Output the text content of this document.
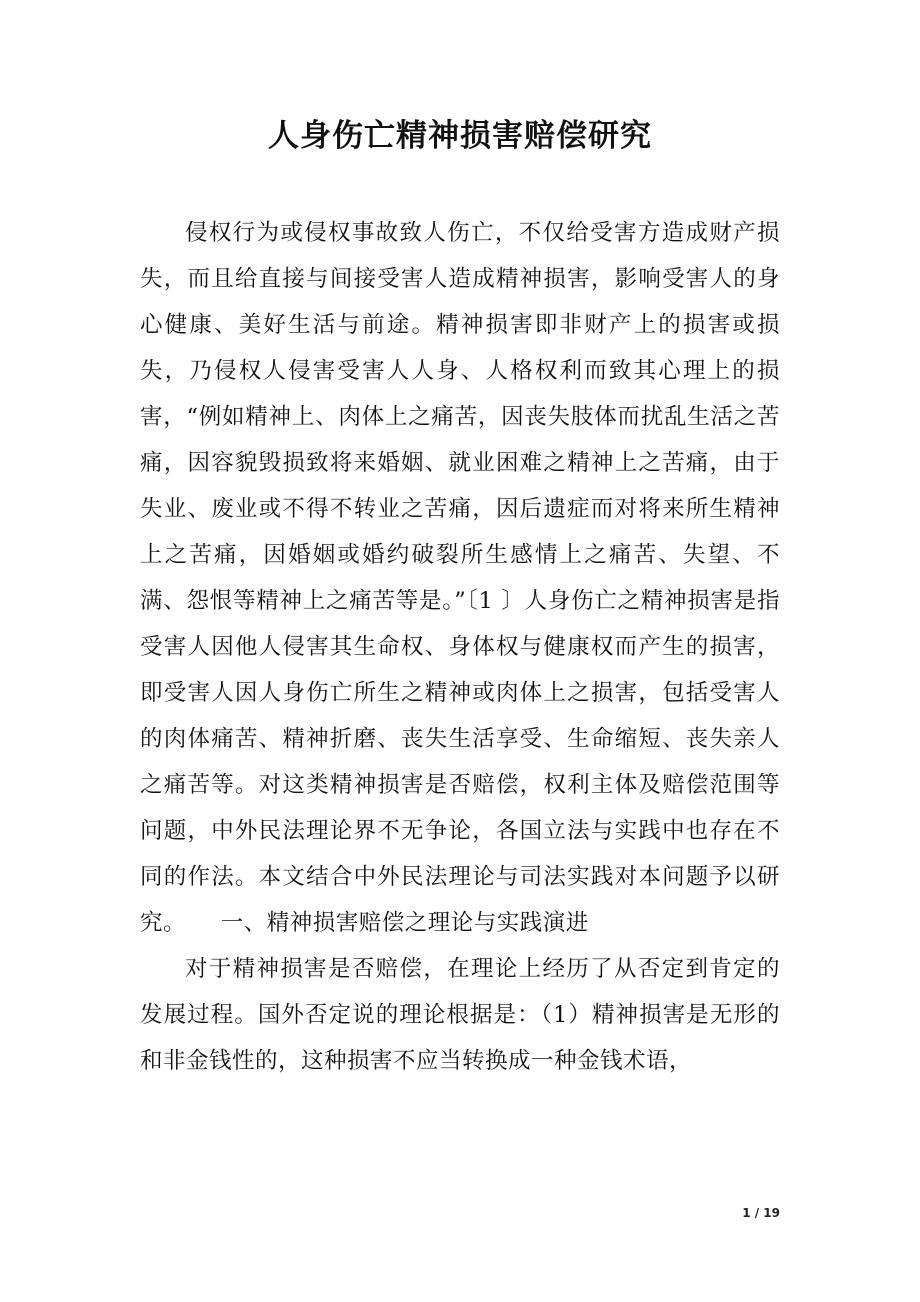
人身伤亡精神损害赔偿研究

侵权行为或侵权事故致人伤亡，不仅给受害方造成财产损失，而且给直接与间接受害人造成精神损害，影响受害人的身心健康、美好生活与前途。精神损害即非财产上的损害或损失，乃侵权人侵害受害人人身、人格权利而致其心理上的损害，“例如精神上、肉体上之痛苦，因丧失肢体而扰乱生活之苦痛，因容貌毁损致将来婚姻、就业困难之精神上之苦痛，由于失业、废业或不得不转业之苦痛，因后遗症而对将来所生精神上之苦痛，因婚姻或婚约破裂所生感情上之痛苦、失望、不满、怨恨等精神上之痛苦等是。”〔1 〕人身伤亡之精神损害是指受害人因他人侵害其生命权、身体权与健康权而产生的损害，即受害人因人身伤亡所生之精神或肉体上之损害，包括受害人的肉体痛苦、精神折磨、丧失生活享受、生命缩短、丧失亲人之痛苦等。对这类精神损害是否赔偿，权利主体及赔偿范围等问题，中外民法理论界不无争论，各国立法与实践中也存在不同的作法。本文结合中外民法理论与司法实践对本问题予以研究。　　一、精神损害赔偿之理论与实践演进

对于精神损害是否赔偿，在理论上经历了从否定到肯定的发展过程。国外否定说的理论根据是：（1）精神损害是无形的和非金钱性的，这种损害不应当转换成一种金钱术语，

1 / 19
